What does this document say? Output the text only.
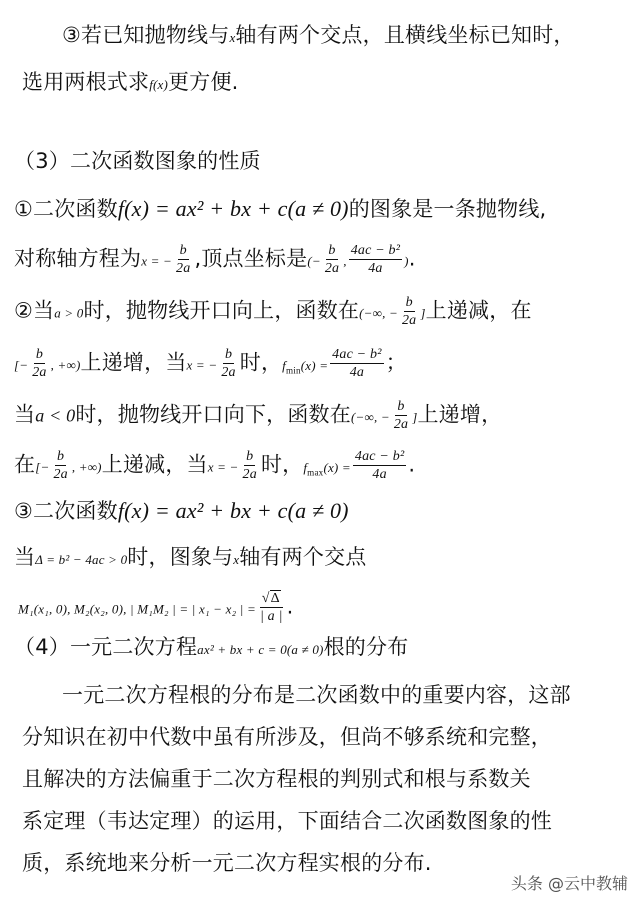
③若已知抛物线与x轴有两个交点，且横线坐标已知时，
选用两根式求f(x)更方便.
（3）二次函数图象的性质
①二次函数f(x) = ax² + bx + c(a ≠ 0)的图象是一条抛物线,
对称轴方程为x = − $\frac{b}{2a}$ ,顶点坐标是(− $\frac{b}{2a}$ , $\frac{\text{4ac − b²}}{4a}$ ).
②当a > 0时，抛物线开口向上，函数在(−∞, − $\frac{b}{2a}$ ]上递减，在
[− $\frac{b}{2a}$ , +∞)上递增，当x = − $\frac{b}{2a}$ 时，$f_{min}(x) = \frac{\text{4ac − b²}}{4a}$ ；
当a < 0时，抛物线开口向下，函数在(−∞, − $\frac{b}{2a}$ ]上递增，
在[− $\frac{b}{2a}$ , +∞)上递减，当x = − $\frac{b}{2a}$ 时，$f_{max}(x) = \frac{\text{4ac − b²}}{4a}$ .
③二次函数f(x) = ax² + bx + c(a ≠ 0)
当Δ = b² − 4ac > 0时，图象与x轴有两个交点
M₁(x₁, 0), M₂(x₂, 0), | M₁M₂ | = | x₁ − x₂ | = $\frac{√\Delta}{| a |}$ .
（4）一元二次方程ax² + bx + c = 0(a ≠ 0)根的分布
一元二次方程根的分布是二次函数中的重要内容，这部
分知识在初中代数中虽有所涉及，但尚不够系统和完整，
且解决的方法偏重于二次方程根的判别式和根与系数关
系定理（韦达定理）的运用，下面结合二次函数图象的性
质，系统地来分析一元二次方程实根的分布.
头条 @云中教辅
